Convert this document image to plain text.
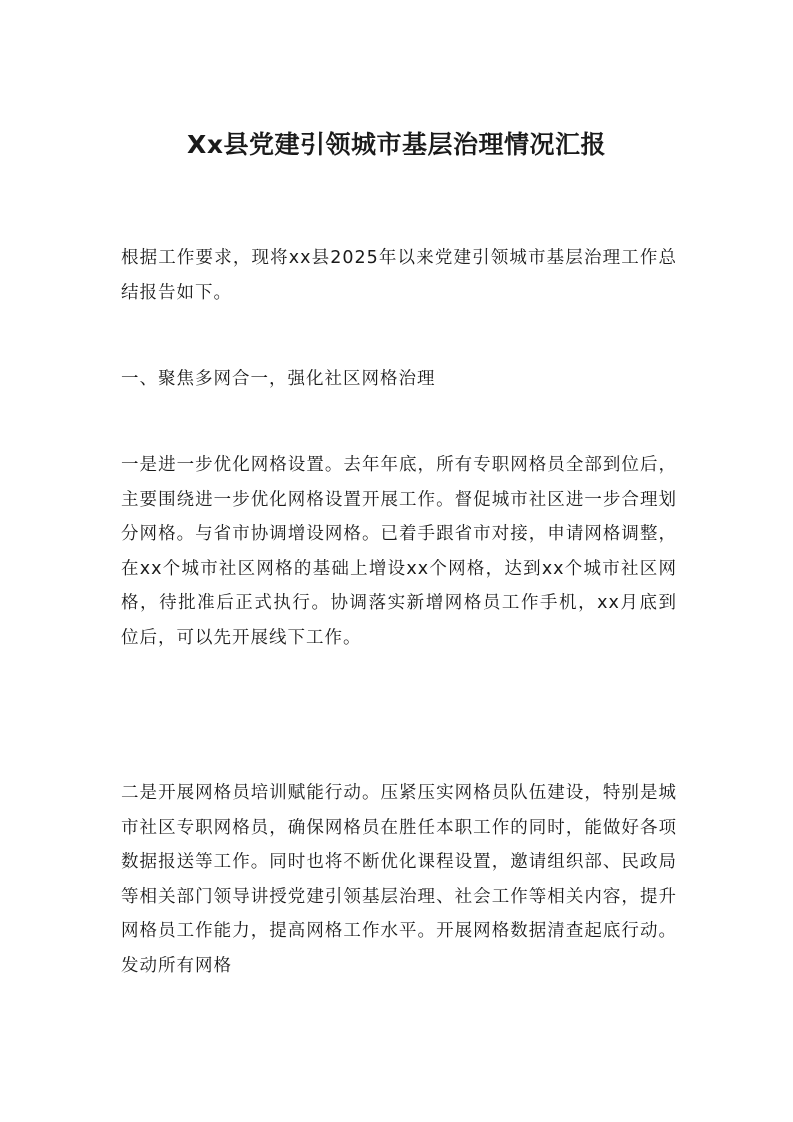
Xx县党建引领城市基层治理情况汇报

根据工作要求，现将xx县2025年以来党建引领城市基层治理工作总结报告如下。

一、聚焦多网合一，强化社区网格治理

一是进一步优化网格设置。去年年底，所有专职网格员全部到位后，主要围绕进一步优化网格设置开展工作。督促城市社区进一步合理划分网格。与省市协调增设网格。已着手跟省市对接，申请网格调整，在xx个城市社区网格的基础上增设xx个网格，达到xx个城市社区网格，待批准后正式执行。协调落实新增网格员工作手机，xx月底到位后，可以先开展线下工作。

二是开展网格员培训赋能行动。压紧压实网格员队伍建设，特别是城市社区专职网格员，确保网格员在胜任本职工作的同时，能做好各项数据报送等工作。同时也将不断优化课程设置，邀请组织部、民政局等相关部门领导讲授党建引领基层治理、社会工作等相关内容，提升网格员工作能力，提高网格工作水平。开展网格数据清查起底行动。发动所有网格
